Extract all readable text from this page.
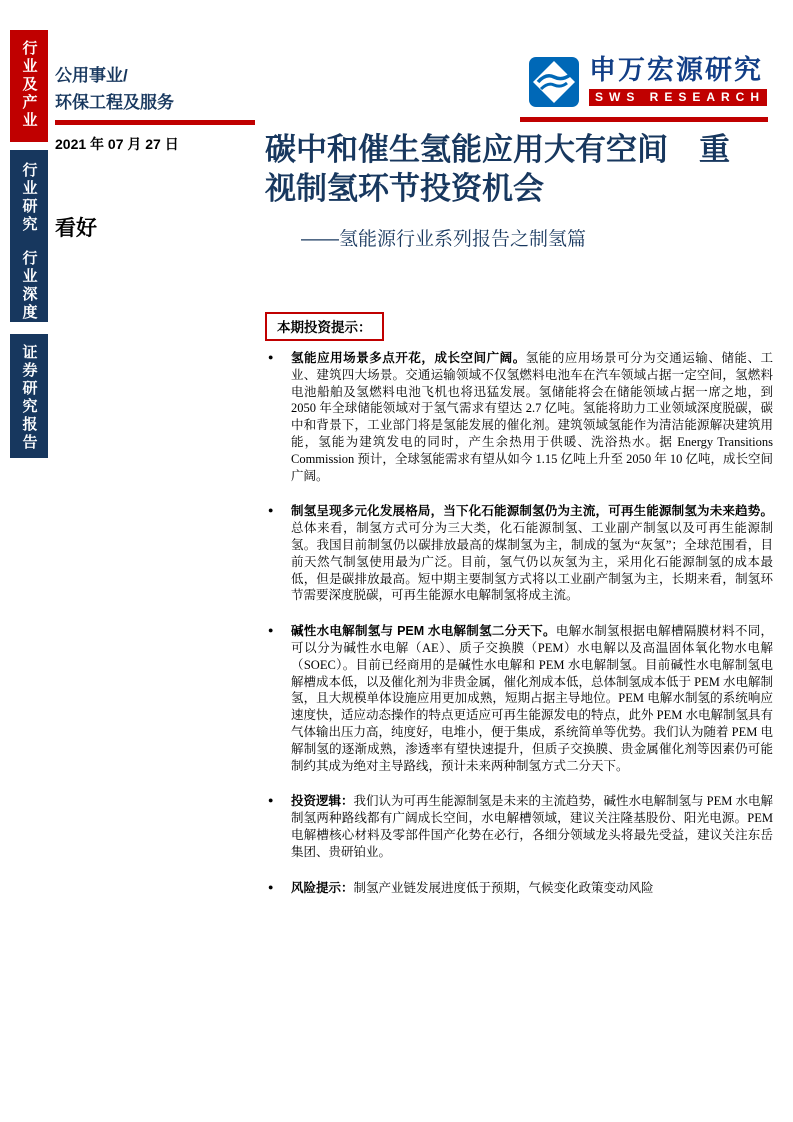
行业及产业
行业研究
行业深度
证券研究报告
公用事业/
环保工程及服务
2021 年 07 月 27 日
看好
申万宏源研究
SWS RESEARCH
碳中和催生氢能应用大有空间　重视制氢环节投资机会
——氢能源行业系列报告之制氢篇
本期投资提示：
● 氢能应用场景多点开花，成长空间广阔。氢能的应用场景可分为交通运输、储能、工业、建筑四大场景。交通运输领域不仅氢燃料电池车在汽车领域占据一定空间，氢燃料电池船舶及氢燃料电池飞机也将迅猛发展。氢储能将会在储能领域占据一席之地，到 2050 年全球储能领域对于氢气需求有望达 2.7 亿吨。氢能将助力工业领域深度脱碳，碳中和背景下，工业部门将是氢能发展的催化剂。建筑领域氢能作为清洁能源解决建筑用能，氢能为建筑发电的同时，产生余热用于供暖、洗浴热水。据 Energy Transitions Commission 预计，全球氢能需求有望从如今 1.15 亿吨上升至 2050 年 10 亿吨，成长空间广阔。
● 制氢呈现多元化发展格局，当下化石能源制氢仍为主流，可再生能源制氢为未来趋势。总体来看，制氢方式可分为三大类，化石能源制氢、工业副产制氢以及可再生能源制氢。我国目前制氢仍以碳排放最高的煤制氢为主，制成的氢为“灰氢”；全球范围看，目前天然气制氢使用最为广泛。目前，氢气仍以灰氢为主，采用化石能源制氢的成本最低，但是碳排放最高。短中期主要制氢方式将以工业副产制氢为主，长期来看，制氢环节需要深度脱碳，可再生能源水电解制氢将成主流。
● 碱性水电解制氢与 PEM 水电解制氢二分天下。电解水制氢根据电解槽隔膜材料不同，可以分为碱性水电解（AE）、质子交换膜（PEM）水电解以及高温固体氧化物水电解（SOEC）。目前已经商用的是碱性水电解和 PEM 水电解制氢。目前碱性水电解制氢电解槽成本低，以及催化剂为非贵金属，催化剂成本低，总体制氢成本低于 PEM 水电解制氢，且大规模单体设施应用更加成熟，短期占据主导地位。PEM 电解水制氢的系统响应速度快，适应动态操作的特点更适应可再生能源发电的特点，此外 PEM 水电解制氢具有气体输出压力高，纯度好，电堆小，便于集成，系统简单等优势。我们认为随着 PEM 电解制氢的逐渐成熟，渗透率有望快速提升，但质子交换膜、贵金属催化剂等因素仍可能制约其成为绝对主导路线，预计未来两种制氢方式二分天下。
● 投资逻辑：我们认为可再生能源制氢是未来的主流趋势，碱性水电解制氢与 PEM 水电解制氢两种路线都有广阔成长空间，水电解槽领域，建议关注隆基股份、阳光电源。PEM 电解槽核心材料及零部件国产化势在必行，各细分领域龙头将最先受益，建议关注东岳集团、贵研铂业。
● 风险提示：制氢产业链发展进度低于预期，气候变化政策变动风险
